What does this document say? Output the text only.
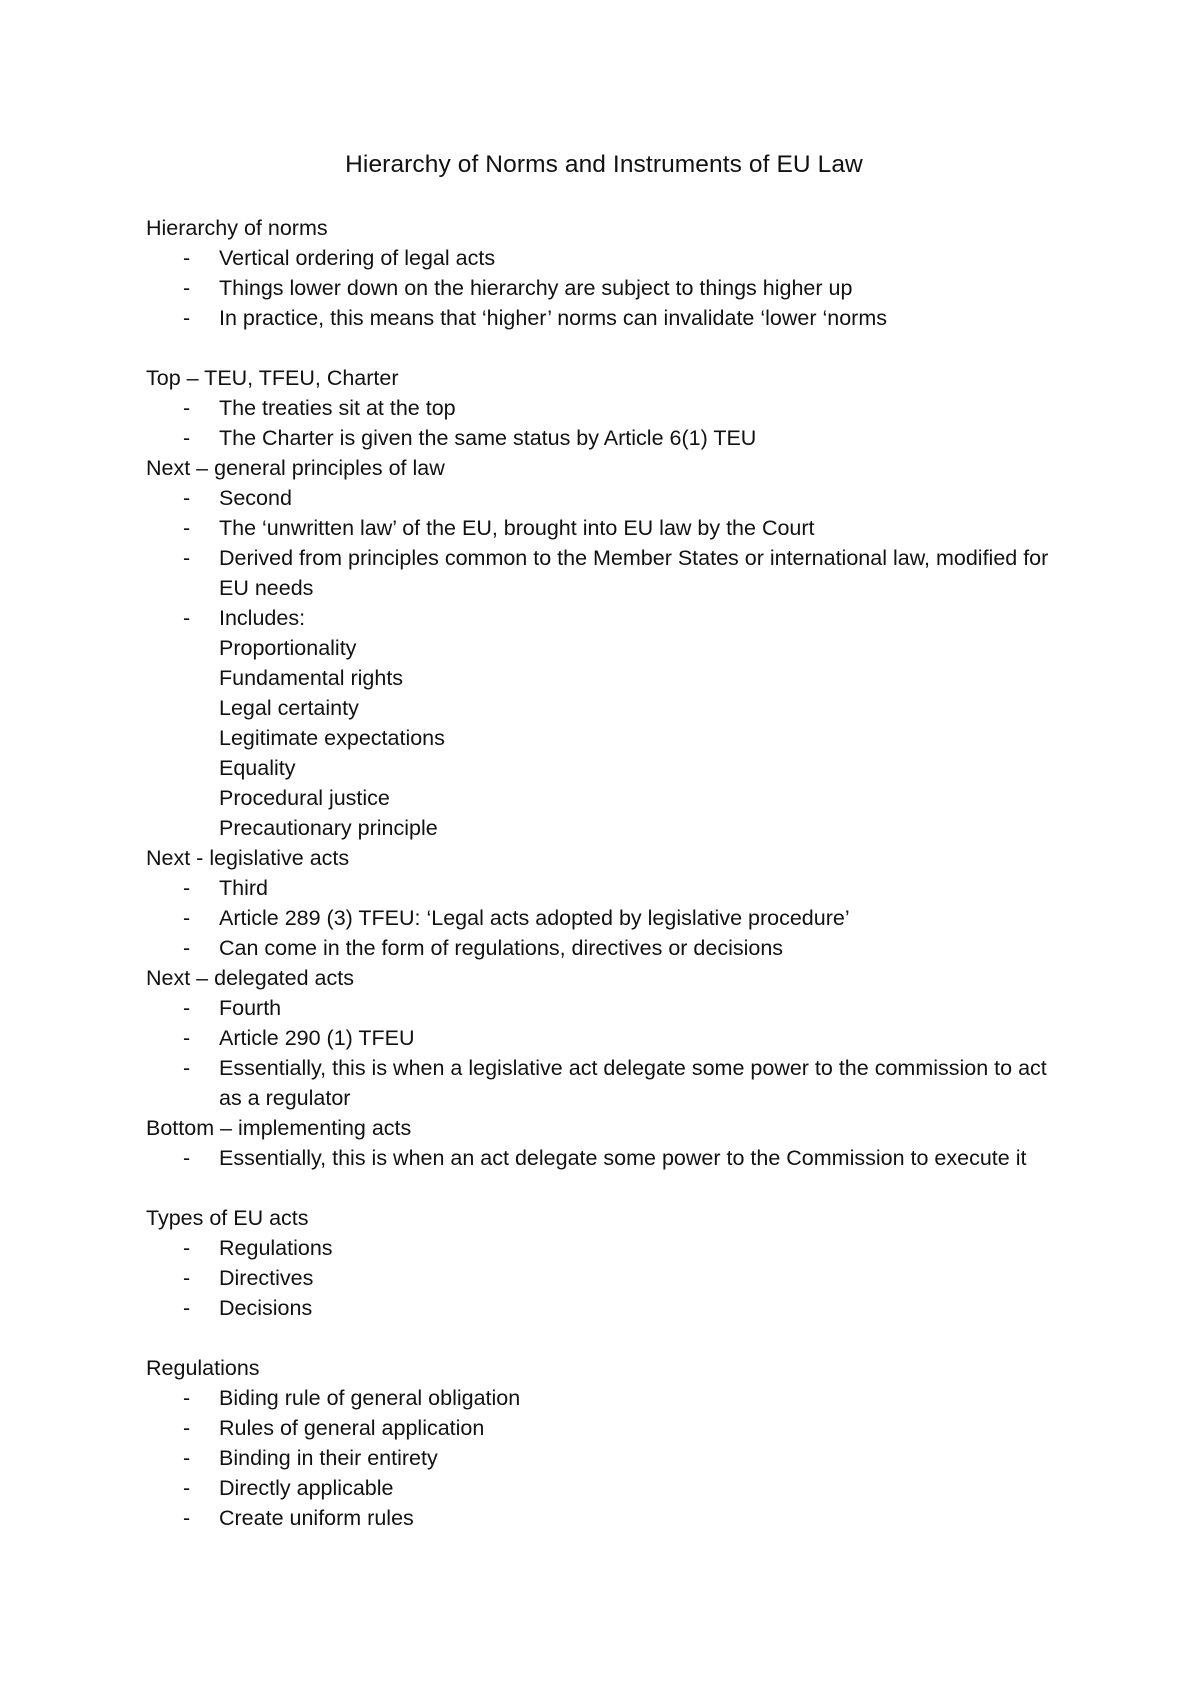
Hierarchy of Norms and Instruments of EU Law
Hierarchy of norms
- Vertical ordering of legal acts
- Things lower down on the hierarchy are subject to things higher up
- In practice, this means that ‘higher’ norms can invalidate ‘lower ‘norms
Top – TEU, TFEU, Charter
- The treaties sit at the top
- The Charter is given the same status by Article 6(1) TEU
Next – general principles of law
- Second
- The ‘unwritten law’ of the EU, brought into EU law by the Court
- Derived from principles common to the Member States or international law, modified for EU needs
- Includes:
Proportionality
Fundamental rights
Legal certainty
Legitimate expectations
Equality
Procedural justice
Precautionary principle
Next - legislative acts
- Third
- Article 289 (3) TFEU: ‘Legal acts adopted by legislative procedure’
- Can come in the form of regulations, directives or decisions
Next – delegated acts
- Fourth
- Article 290 (1) TFEU
- Essentially, this is when a legislative act delegate some power to the commission to act as a regulator
Bottom – implementing acts
- Essentially, this is when an act delegate some power to the Commission to execute it
Types of EU acts
- Regulations
- Directives
- Decisions
Regulations
- Biding rule of general obligation
- Rules of general application
- Binding in their entirety
- Directly applicable
- Create uniform rules
